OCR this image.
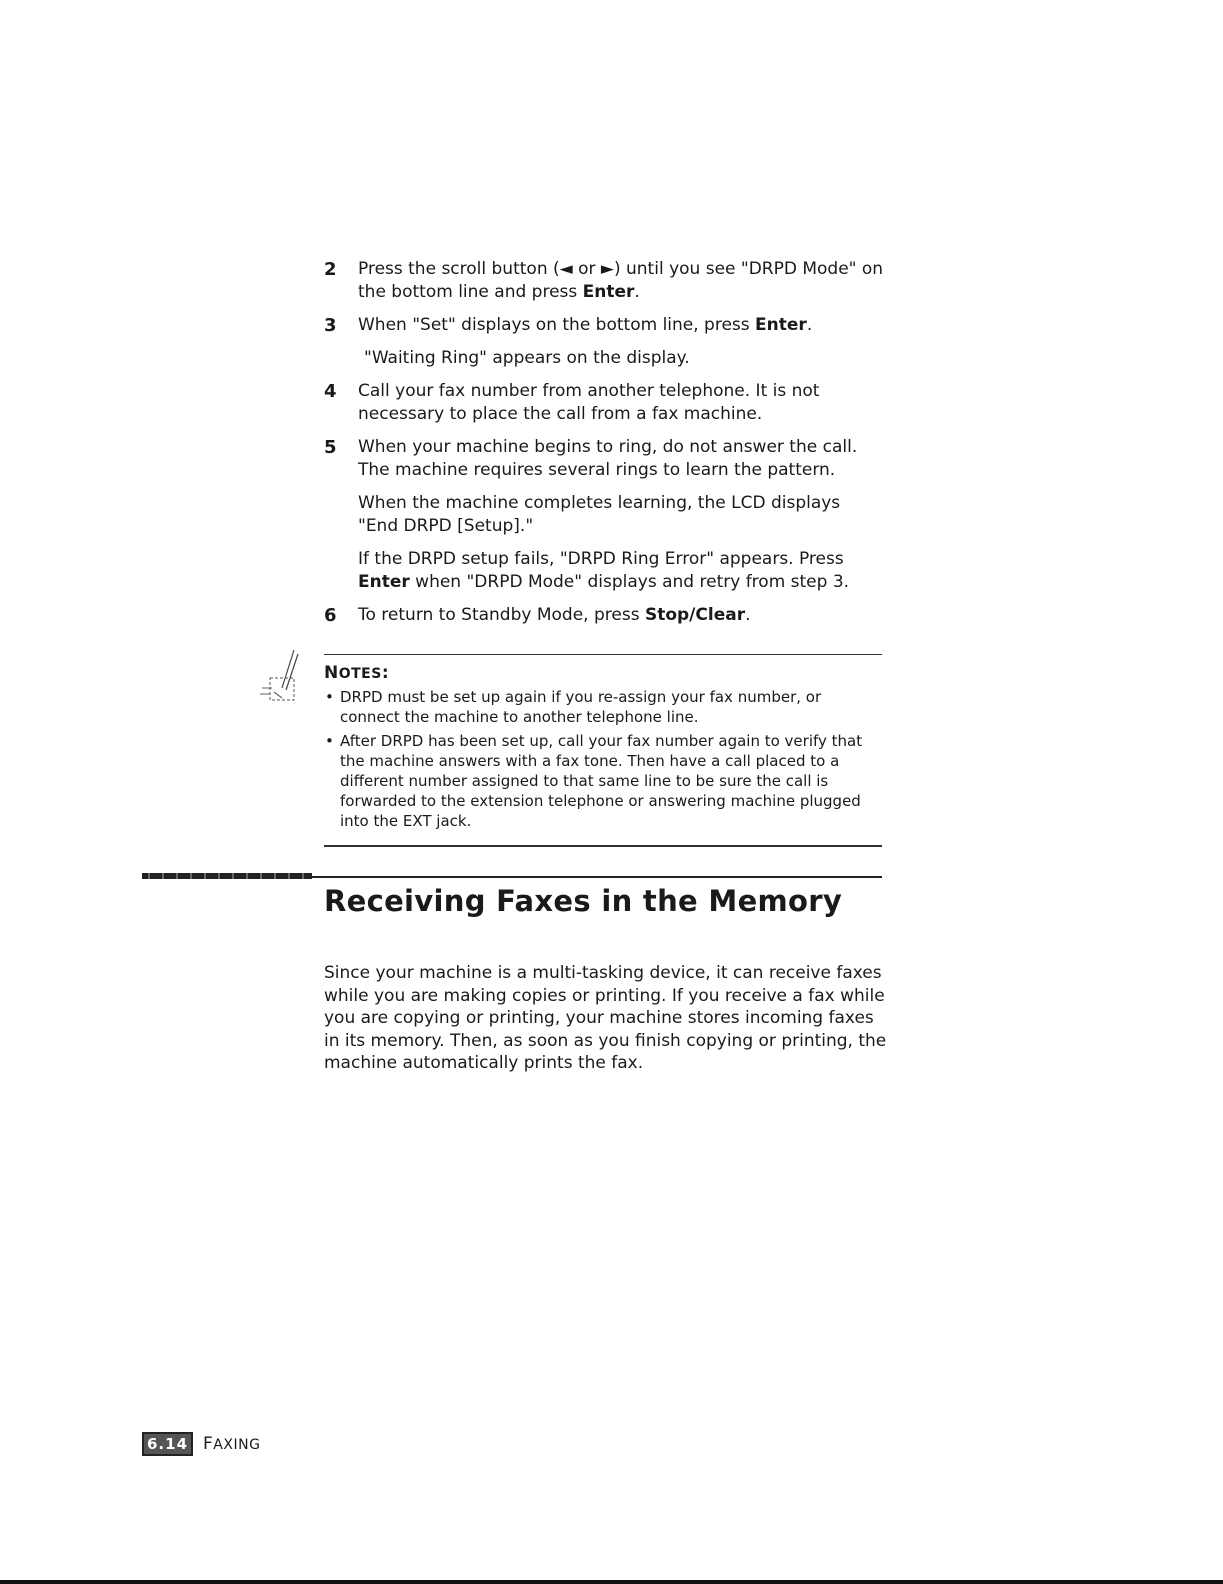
2 Press the scroll button (◄ or ►) until you see "DRPD Mode" on the bottom line and press Enter.

3 When "Set" displays on the bottom line, press Enter.

"Waiting Ring" appears on the display.

4 Call your fax number from another telephone. It is not necessary to place the call from a fax machine.

5 When your machine begins to ring, do not answer the call. The machine requires several rings to learn the pattern.

When the machine completes learning, the LCD displays "End DRPD [Setup]."

If the DRPD setup fails, "DRPD Ring Error" appears. Press Enter when "DRPD Mode" displays and retry from step 3.

6 To return to Standby Mode, press Stop/Clear.

NOTES:

• DRPD must be set up again if you re-assign your fax number, or connect the machine to another telephone line.
• After DRPD has been set up, call your fax number again to verify that the machine answers with a fax tone. Then have a call placed to a different number assigned to that same line to be sure the call is forwarded to the extension telephone or answering machine plugged into the EXT jack.
Receiving Faxes in the Memory

Since your machine is a multi-tasking device, it can receive faxes while you are making copies or printing. If you receive a fax while you are copying or printing, your machine stores incoming faxes in its memory. Then, as soon as you finish copying or printing, the machine automatically prints the fax.

6.14 FAXING
